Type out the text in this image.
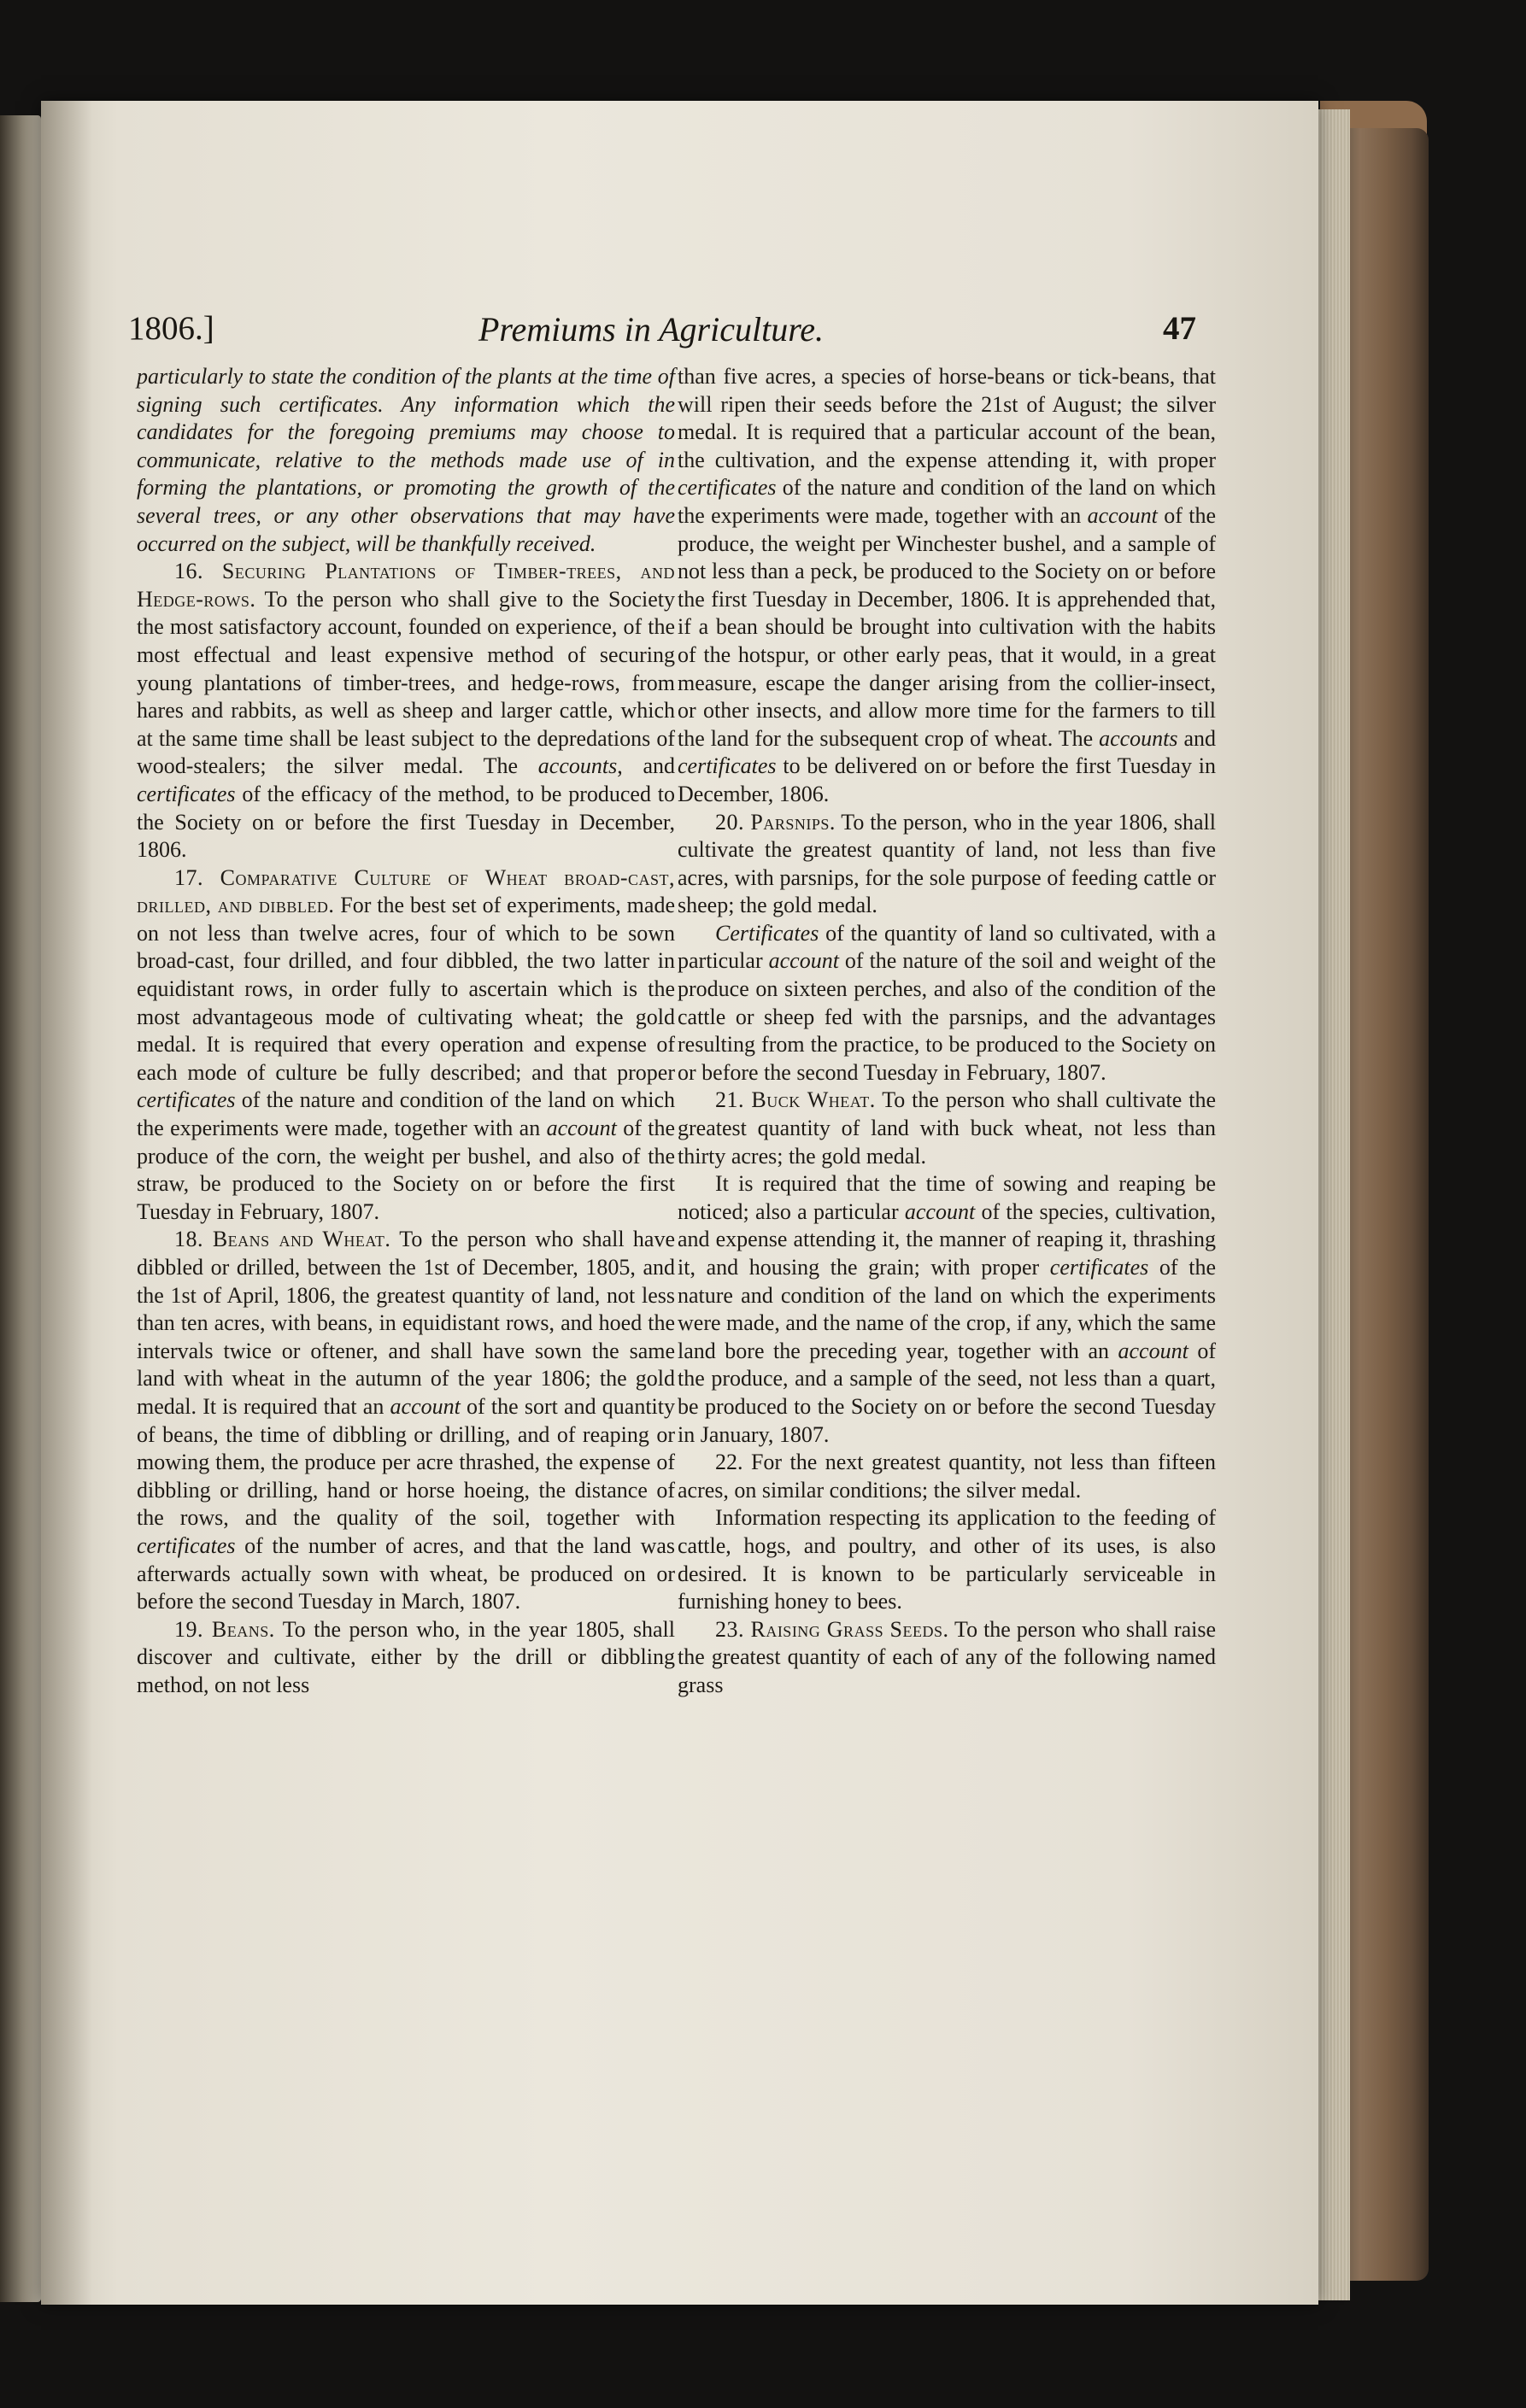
1806.]	Premiums in Agriculture.	47

particularly to state the condition of the plants at the time of signing such certificates. Any information which the candidates for the foregoing premiums may choose to communicate, relative to the methods made use of in forming the plantations, or promoting the growth of the several trees, or any other observations that may have occurred on the subject, will be thankfully received.

16. Securing Plantations of Timber-trees, and Hedge-rows. To the person who shall give to the Society the most satisfactory account, founded on experience, of the most effectual and least expensive method of securing young plantations of timber-trees, and hedge-rows, from hares and rabbits, as well as sheep and larger cattle, which at the same time shall be least subject to the depredations of wood-stealers; the silver medal. The accounts, and certificates of the efficacy of the method, to be produced to the Society on or before the first Tuesday in December, 1806.

17. Comparative Culture of Wheat broad-cast, drilled, and dibbled. For the best set of experiments, made on not less than twelve acres, four of which to be sown broad-cast, four drilled, and four dibbled, the two latter in equidistant rows, in order fully to ascertain which is the most advantageous mode of cultivating wheat; the gold medal. It is required that every operation and expense of each mode of culture be fully described; and that proper certificates of the nature and condition of the land on which the experiments were made, together with an account of the produce of the corn, the weight per bushel, and also of the straw, be produced to the Society on or before the first Tuesday in February, 1807.

18. Beans and Wheat. To the person who shall have dibbled or drilled, between the 1st of December, 1805, and the 1st of April, 1806, the greatest quantity of land, not less than ten acres, with beans, in equidistant rows, and hoed the intervals twice or oftener, and shall have sown the same land with wheat in the autumn of the year 1806; the gold medal. It is required that an account of the sort and quantity of beans, the time of dibbling or drilling, and of reaping or mowing them, the produce per acre thrashed, the expense of dibbling or drilling, hand or horse hoeing, the distance of the rows, and the quality of the soil, together with certificates of the number of acres, and that the land was afterwards actually sown with wheat, be produced on or before the second Tuesday in March, 1807.

19. Beans. To the person who, in the year 1805, shall discover and cultivate, either by the drill or dibbling method, on not less

than five acres, a species of horse-beans or tick-beans, that will ripen their seeds before the 21st of August; the silver medal. It is required that a particular account of the bean, the cultivation, and the expense attending it, with proper certificates of the nature and condition of the land on which the experiments were made, together with an account of the produce, the weight per Winchester bushel, and a sample of not less than a peck, be produced to the Society on or before the first Tuesday in December, 1806. It is apprehended that, if a bean should be brought into cultivation with the habits of the hotspur, or other early peas, that it would, in a great measure, escape the danger arising from the collier-insect, or other insects, and allow more time for the farmers to till the land for the subsequent crop of wheat. The accounts and certificates to be delivered on or before the first Tuesday in December, 1806.

20. Parsnips. To the person, who in the year 1806, shall cultivate the greatest quantity of land, not less than five acres, with parsnips, for the sole purpose of feeding cattle or sheep; the gold medal.

Certificates of the quantity of land so cultivated, with a particular account of the nature of the soil and weight of the produce on sixteen perches, and also of the condition of the cattle or sheep fed with the parsnips, and the advantages resulting from the practice, to be produced to the Society on or before the second Tuesday in February, 1807.

21. Buck Wheat. To the person who shall cultivate the greatest quantity of land with buck wheat, not less than thirty acres; the gold medal.

It is required that the time of sowing and reaping be noticed; also a particular account of the species, cultivation, and expense attending it, the manner of reaping it, thrashing it, and housing the grain; with proper certificates of the nature and condition of the land on which the experiments were made, and the name of the crop, if any, which the same land bore the preceding year, together with an account of the produce, and a sample of the seed, not less than a quart, be produced to the Society on or before the second Tuesday in January, 1807.

22. For the next greatest quantity, not less than fifteen acres, on similar conditions; the silver medal.

Information respecting its application to the feeding of cattle, hogs, and poultry, and other of its uses, is also desired. It is known to be particularly serviceable in furnishing honey to bees.

23. Raising Grass Seeds. To the person who shall raise the greatest quantity of each of any of the following named grass
